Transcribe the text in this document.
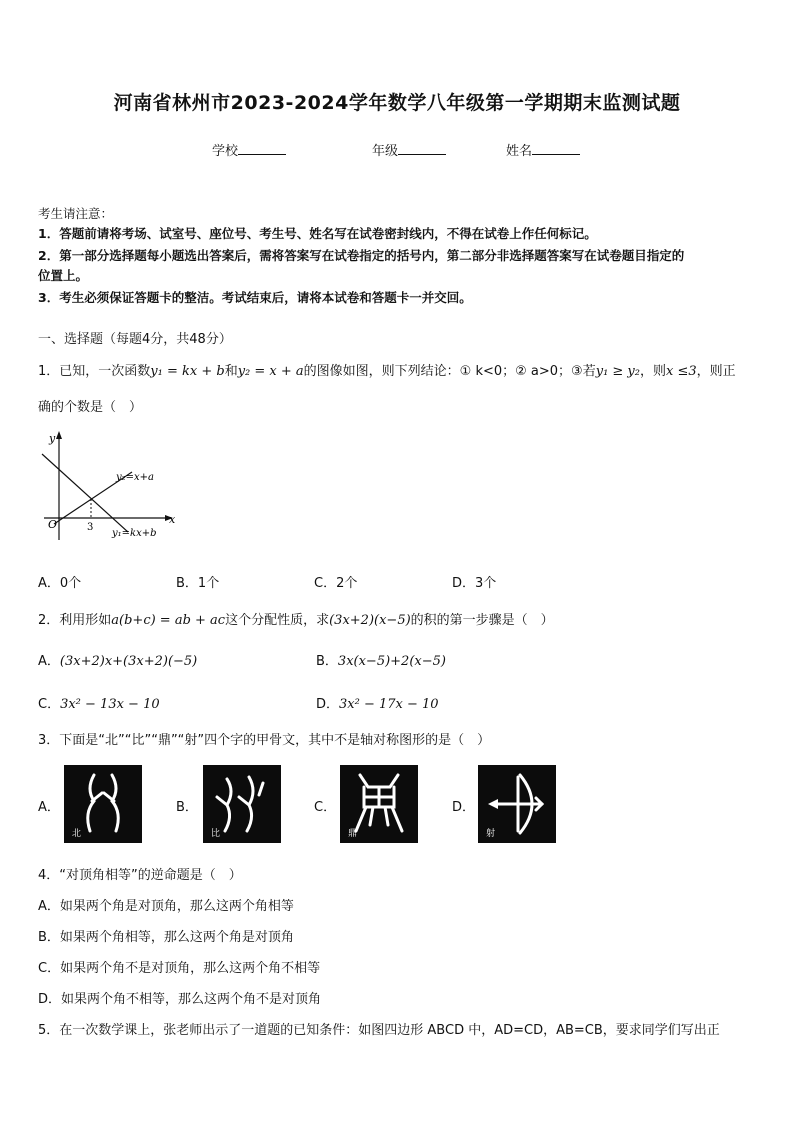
河南省林州市2023-2024学年数学八年级第一学期期末监测试题
学校	年级	姓名
考生请注意：
1．答题前请将考场、试室号、座位号、考生号、姓名写在试卷密封线内，不得在试卷上作任何标记。
2．第一部分选择题每小题选出答案后，需将答案写在试卷指定的括号内，第二部分非选择题答案写在试卷题目指定的
位置上。
3．考生必须保证答题卡的整洁。考试结束后，请将本试卷和答题卡一并交回。
一、选择题（每题4分，共48分）
1．已知，一次函数y₁ = kx + b和y₂ = x + a的图像如图，则下列结论：① k<0；② a>0；③若y₁ ≥ y₂，则x ≤3，则正
确的个数是（　）
y
x
O	3
y₂=x+a
y₁=kx+b
A．0个	B．1个	C．2个	D．3个
2．利用形如a(b+c) = ab + ac这个分配性质，求(3x+2)(x−5)的积的第一步骤是（　）
A．(3x+2)x+(3x+2)(−5)	B．3x(x−5)+2(x−5)
C．3x² − 13x − 10	D．3x² − 17x − 10
3．下面是“北”“比”“鼎”“射”四个字的甲骨文，其中不是轴对称图形的是（　）
A．
北
B．
比
C．
鼎
D．
射
4．“对顶角相等”的逆命题是（　）
A．如果两个角是对顶角，那么这两个角相等
B．如果两个角相等，那么这两个角是对顶角
C．如果两个角不是对顶角，那么这两个角不相等
D．如果两个角不相等，那么这两个角不是对顶角
5．在一次数学课上，张老师出示了一道题的已知条件：如图四边形 ABCD 中，AD=CD，AB=CB，要求同学们写出正
